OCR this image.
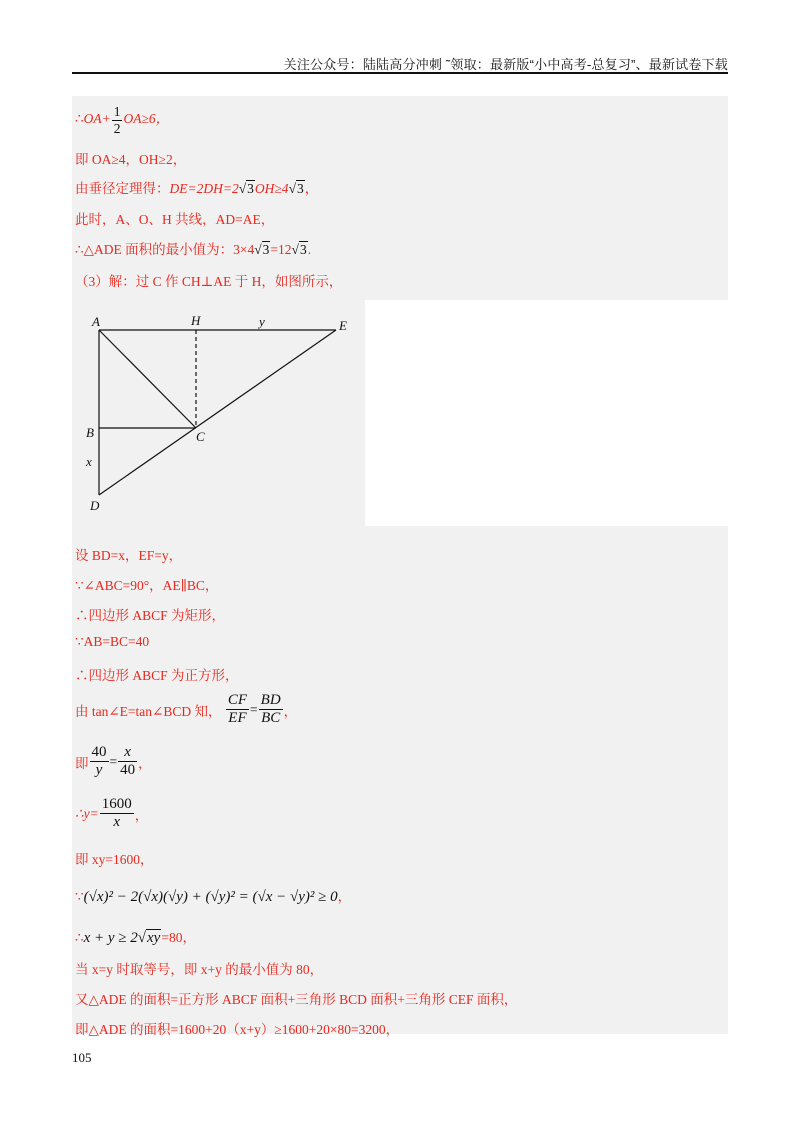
关注公众号：陆陆高分冲刺 ˜领取：最新版“小中高考-总复习”、最新试卷下载
∴OA+ $\frac{1}{2} OA\ge 6$，
即 OA≥4，OH≥2，
由垂径定理得：DE=2DH=2√3OH≥4√3，
此时，A、O、H 共线，AD=AE，
∴△ADE 面积的最小值为：3×4√3=12√3.
（3）解：过 C 作 CH⊥AE 于 H，如图所示，
A	H	y	E
B	C
x
D
设 BD=x，EF=y，
∵∠ABC=90°，AE∥BC，
∴四边形 ABCF 为矩形，
∵AB=BC=40
∴四边形 ABCF 为正方形，
由 tan∠E=tan∠BCD 知， $\frac{CF}{EF} = \frac{BD}{BC}$ ，
即 $\frac{40}{y} = \frac{x}{40}$ ，
∴y= $\frac{1600}{x}$ ，
即 xy=1600，
∵(√x)² − 2(√x)(√y) + (√y)² = (√x − √y)² ≥ 0，
∴x + y ≥ 2√xy=80，
当 x=y 时取等号，即 x+y 的最小值为 80，
又△ADE 的面积=正方形 ABCF 面积+三角形 BCD 面积+三角形 CEF 面积，
即△ADE 的面积=1600+20（x+y）≥1600+20×80=3200，
105
